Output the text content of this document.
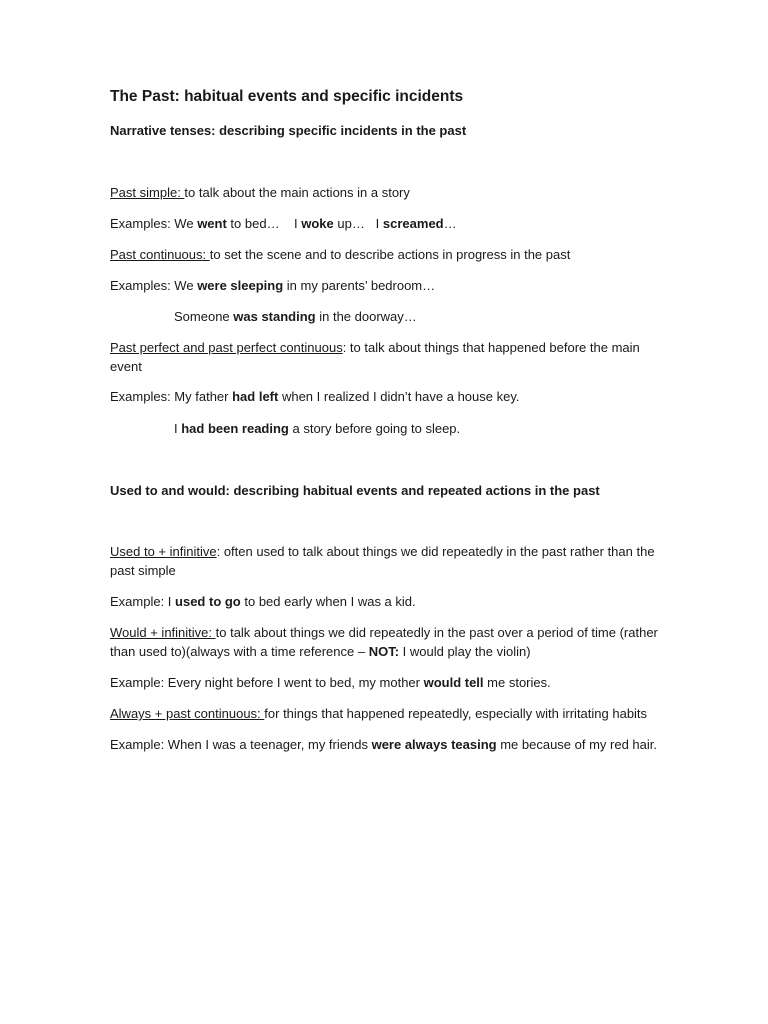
The Past: habitual events and specific incidents
Narrative tenses: describing specific incidents in the past
Past simple: to talk about the main actions in a story
Examples: We went to bed…    I woke up…   I screamed…
Past continuous: to set the scene and to describe actions in progress in the past
Examples: We were sleeping in my parents’ bedroom…
Someone was standing in the doorway…
Past perfect and past perfect continuous: to talk about things that happened before the main event
Examples: My father had left when I realized I didn’t have a house key.
I had been reading a story before going to sleep.
Used to and would: describing habitual events and repeated actions in the past
Used to + infinitive: often used to talk about things we did repeatedly in the past rather than the past simple
Example: I used to go to bed early when I was a kid.
Would + infinitive: to talk about things we did repeatedly in the past over a period of time (rather than used to)(always with a time reference – NOT: I would play the violin)
Example: Every night before I went to bed, my mother would tell me stories.
Always + past continuous: for things that happened repeatedly, especially with irritating habits
Example: When I was a teenager, my friends were always teasing me because of my red hair.
